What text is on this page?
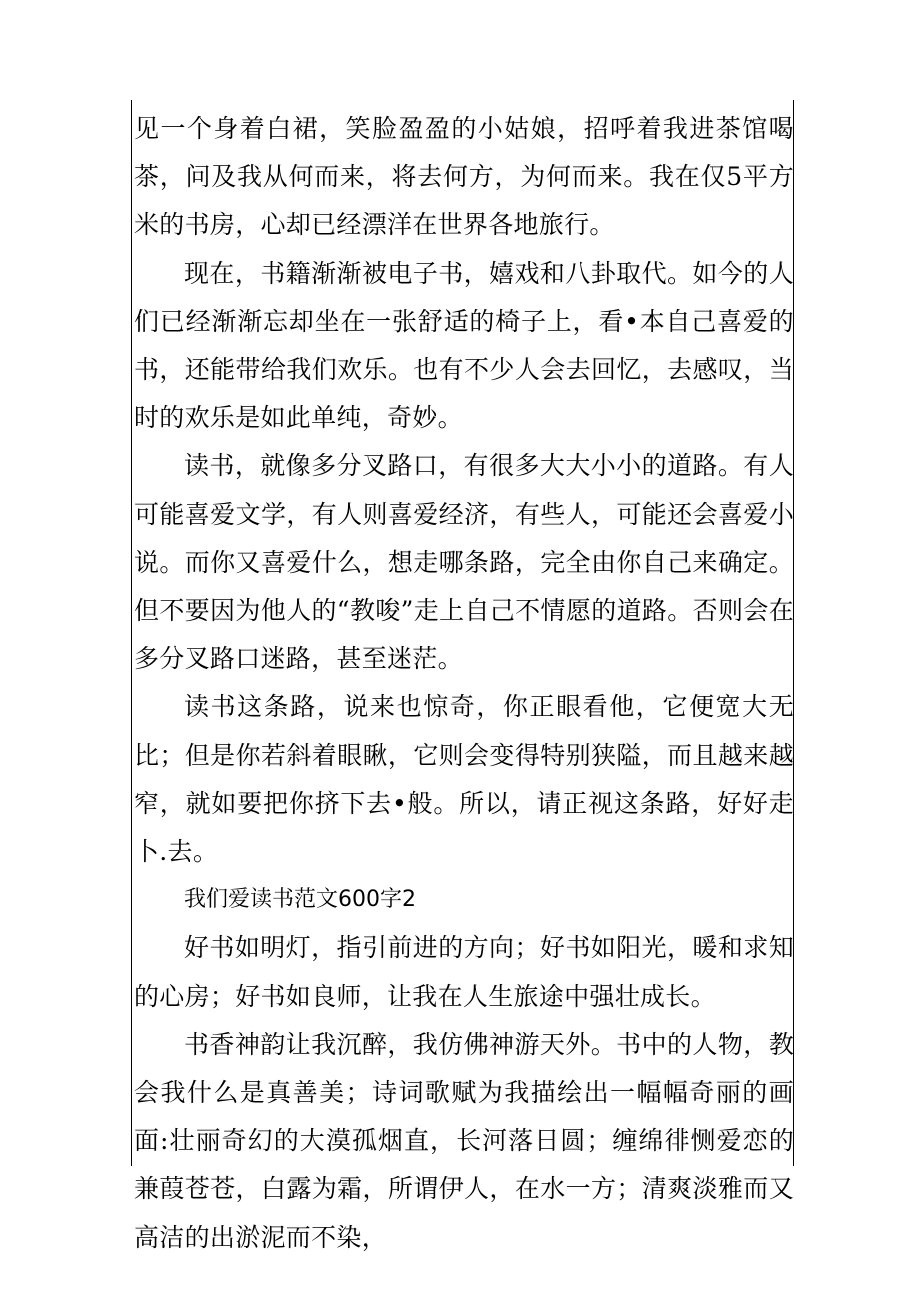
见一个身着白裙，笑脸盈盈的小姑娘，招呼着我进茶馆喝茶，问及我从何而来，将去何方，为何而来。我在仅5平方米的书房，心却已经漂洋在世界各地旅行。

现在，书籍渐渐被电子书，嬉戏和八卦取代。如今的人们已经渐渐忘却坐在一张舒适的椅子上，看•本自己喜爱的书，还能带给我们欢乐。也有不少人会去回忆，去感叹，当时的欢乐是如此单纯，奇妙。

读书，就像多分叉路口，有很多大大小小的道路。有人可能喜爱文学，有人则喜爱经济，有些人，可能还会喜爱小说。而你又喜爱什么，想走哪条路，完全由你自己来确定。但不要因为他人的“教唆”走上自己不情愿的道路。否则会在多分叉路口迷路，甚至迷茫。

读书这条路，说来也惊奇，你正眼看他，它便宽大无比；但是你若斜着眼瞅，它则会变得特别狭隘，而且越来越窄，就如要把你挤下去•般。所以，请正视这条路，好好走卜.去。

我们爱读书范文600字2

好书如明灯，指引前进的方向；好书如阳光，暖和求知的心房；好书如良师，让我在人生旅途中强壮成长。

书香神韵让我沉醉，我仿佛神游天外。书中的人物，教会我什么是真善美；诗词歌赋为我描绘出一幅幅奇丽的画面:壮丽奇幻的大漠孤烟直，长河落日圆；缠绵徘恻爱恋的兼葭苍苍，白露为霜，所谓伊人，在水一方；清爽淡雅而又高洁的出淤泥而不染，
